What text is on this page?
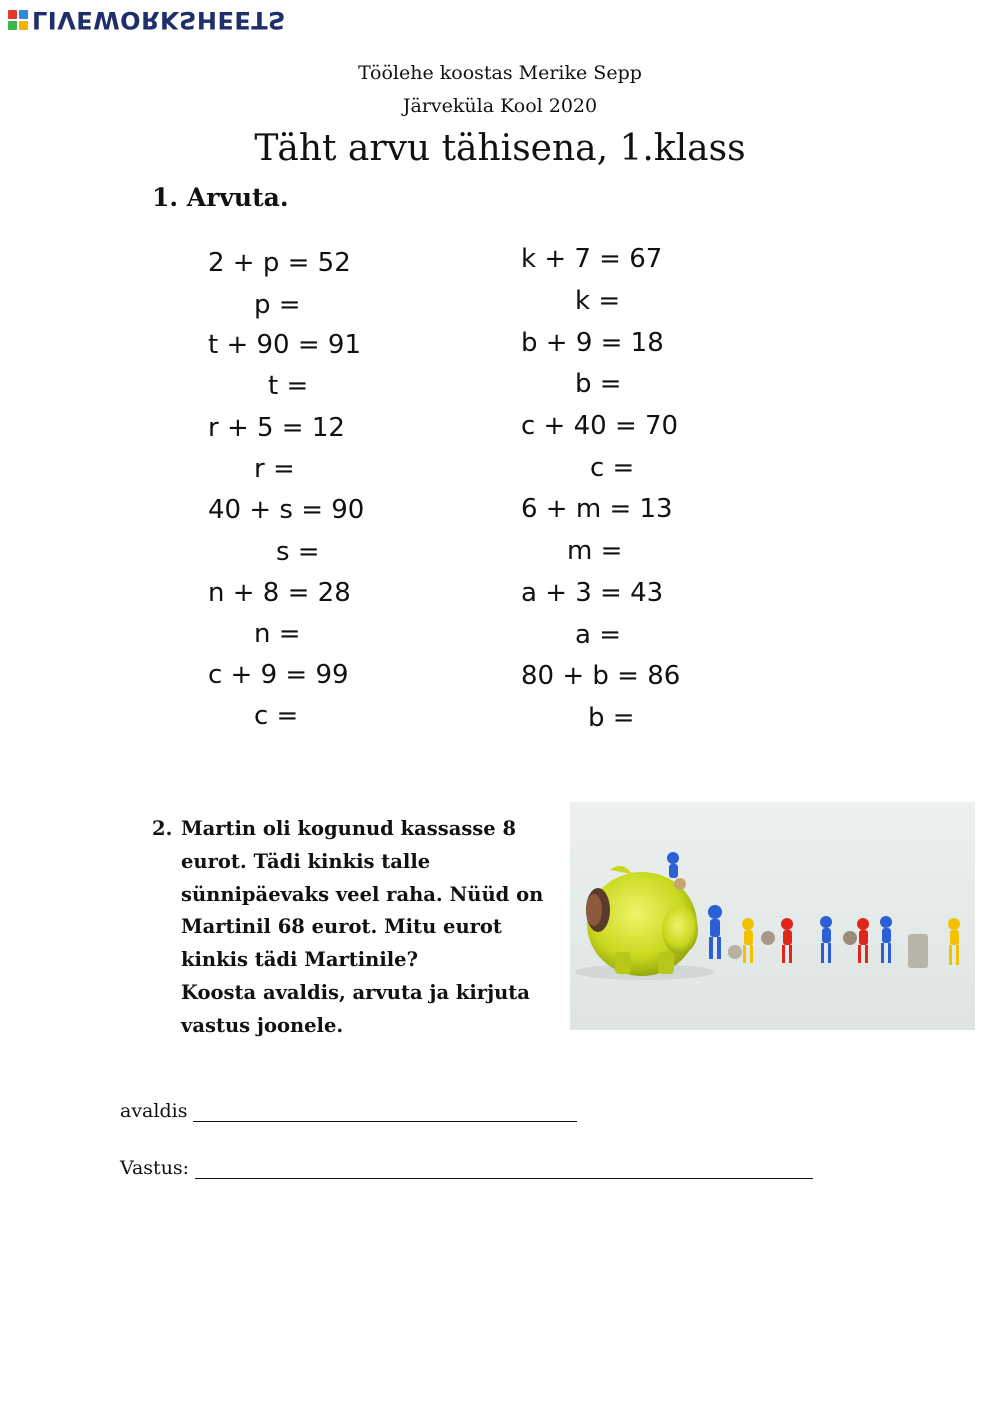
LIVEWORKSHEETS
Töölehe koostas Merike Sepp
Järveküla Kool 2020
Täht arvu tähisena, 1.klass
1. Arvuta.
2 + p = 52
p =
t + 90 = 91
t =
r + 5 = 12
r =
40 + s = 90
s =
n + 8 = 28
n =
c + 9 = 99
c =
k + 7 = 67
k =
b + 9 = 18
b =
c + 40 = 70
c =
6 + m = 13
m =
a + 3 = 43
a =
80 + b = 86
b =
2. Martin oli kogunud kassasse 8
eurot. Tädi kinkis talle
sünnipäevaks veel raha. Nüüd on
Martinil 68 eurot. Mitu eurot
kinkis tädi Martinile?
Koosta avaldis, arvuta ja kirjuta
vastus joonele.
avaldis
Vastus:
